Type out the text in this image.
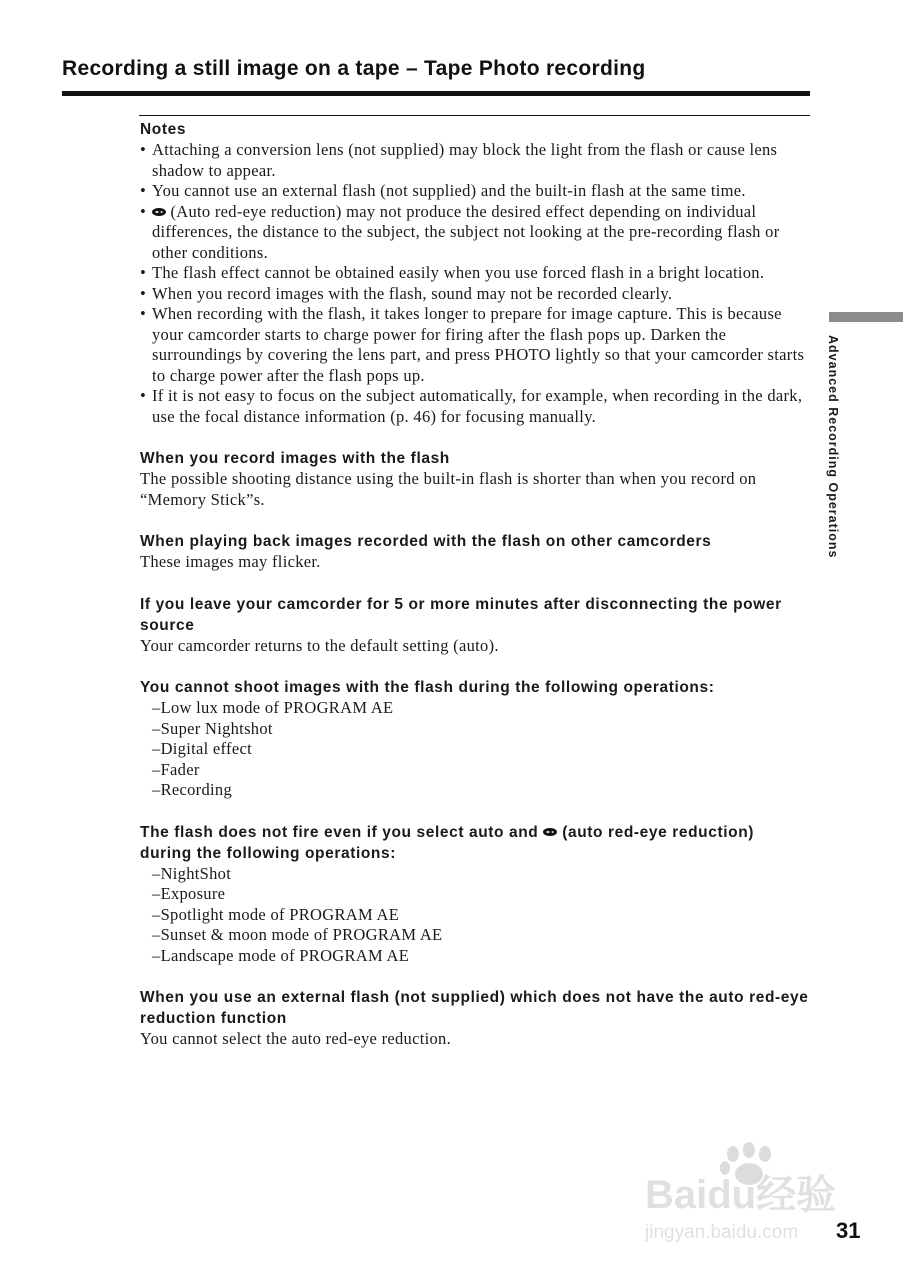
Recording a still image on a tape – Tape Photo recording
Notes
• Attaching a conversion lens (not supplied) may block the light from the flash or cause lens shadow to appear.
• You cannot use an external flash (not supplied) and the built-in flash at the same time.
• (Auto red-eye reduction) may not produce the desired effect depending on individual differences, the distance to the subject, the subject not looking at the pre-recording flash or other conditions.
• The flash effect cannot be obtained easily when you use forced flash in a bright location.
• When you record images with the flash, sound may not be recorded clearly.
• When recording with the flash, it takes longer to prepare for image capture. This is because your camcorder starts to charge power for firing after the flash pops up. Darken the surroundings by covering the lens part, and press PHOTO lightly so that your camcorder starts to charge power after the flash pops up.
• If it is not easy to focus on the subject automatically, for example, when recording in the dark, use the focal distance information (p. 46) for focusing manually.
When you record images with the flash
The possible shooting distance using the built-in flash is shorter than when you record on “Memory Stick”s.
When playing back images recorded with the flash on other camcorders
These images may flicker.
If you leave your camcorder for 5 or more minutes after disconnecting the power source
Your camcorder returns to the default setting (auto).
You cannot shoot images with the flash during the following operations:
– Low lux mode of PROGRAM AE
– Super Nightshot
– Digital effect
– Fader
– Recording
The flash does not fire even if you select auto and (auto red-eye reduction) during the following operations:
– NightShot
– Exposure
– Spotlight mode of PROGRAM AE
– Sunset & moon mode of PROGRAM AE
– Landscape mode of PROGRAM AE
When you use an external flash (not supplied) which does not have the auto red-eye reduction function
You cannot select the auto red-eye reduction.
Advanced Recording Operations
Baidu经验
jingyan.baidu.com 31
